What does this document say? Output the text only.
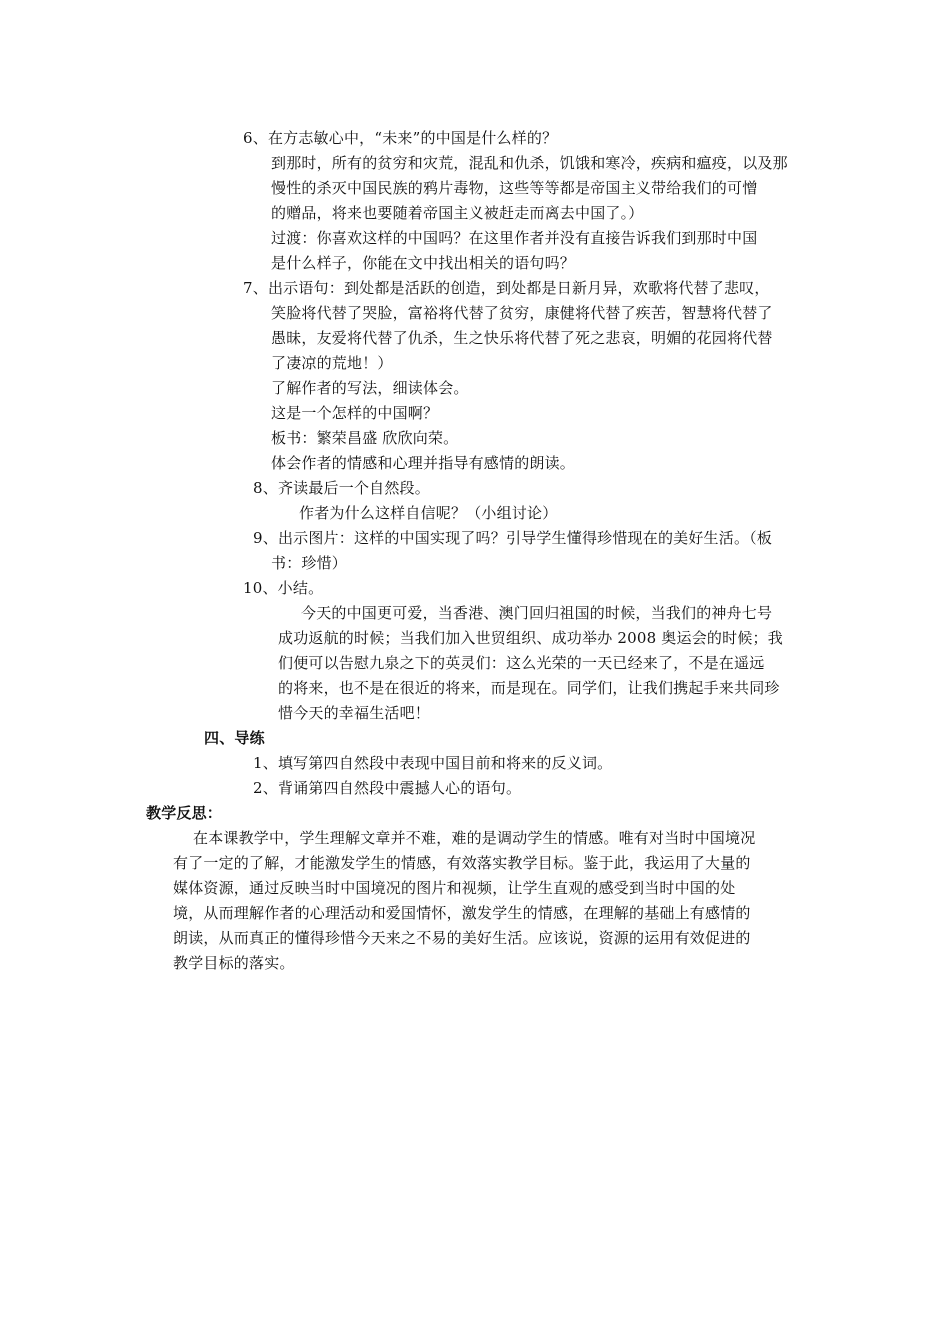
6、在方志敏心中，“未来”的中国是什么样的？
到那时，所有的贫穷和灾荒，混乱和仇杀，饥饿和寒冷，疾病和瘟疫，以及那
慢性的杀灭中国民族的鸦片毒物，这些等等都是帝国主义带给我们的可憎
的赠品，将来也要随着帝国主义被赶走而离去中国了。）
过渡：你喜欢这样的中国吗？在这里作者并没有直接告诉我们到那时中国
是什么样子，你能在文中找出相关的语句吗？
7、出示语句：到处都是活跃的创造，到处都是日新月异，欢歌将代替了悲叹，
笑脸将代替了哭脸，富裕将代替了贫穷，康健将代替了疾苦，智慧将代替了
愚昧，友爱将代替了仇杀，生之快乐将代替了死之悲哀，明媚的花园将代替
了凄凉的荒地！）
了解作者的写法，细读体会。
这是一个怎样的中国啊？
板书：繁荣昌盛 欣欣向荣。
体会作者的情感和心理并指导有感情的朗读。
8、齐读最后一个自然段。
作者为什么这样自信呢？（小组讨论）
9、出示图片：这样的中国实现了吗？引导学生懂得珍惜现在的美好生活。（板
书：珍惜）
10、小结。
今天的中国更可爱，当香港、澳门回归祖国的时候，当我们的神舟七号
成功返航的时候；当我们加入世贸组织、成功举办 2008 奥运会的时候；我
们便可以告慰九泉之下的英灵们：这么光荣的一天已经来了，不是在遥远
的将来，也不是在很近的将来，而是现在。同学们，让我们携起手来共同珍
惜今天的幸福生活吧！
四、导练
1、填写第四自然段中表现中国目前和将来的反义词。
2、背诵第四自然段中震撼人心的语句。
教学反思：
在本课教学中，学生理解文章并不难，难的是调动学生的情感。唯有对当时中国境况
有了一定的了解，才能激发学生的情感，有效落实教学目标。鉴于此，我运用了大量的
媒体资源，通过反映当时中国境况的图片和视频，让学生直观的感受到当时中国的处
境，从而理解作者的心理活动和爱国情怀，激发学生的情感，在理解的基础上有感情的
朗读，从而真正的懂得珍惜今天来之不易的美好生活。应该说，资源的运用有效促进的
教学目标的落实。
